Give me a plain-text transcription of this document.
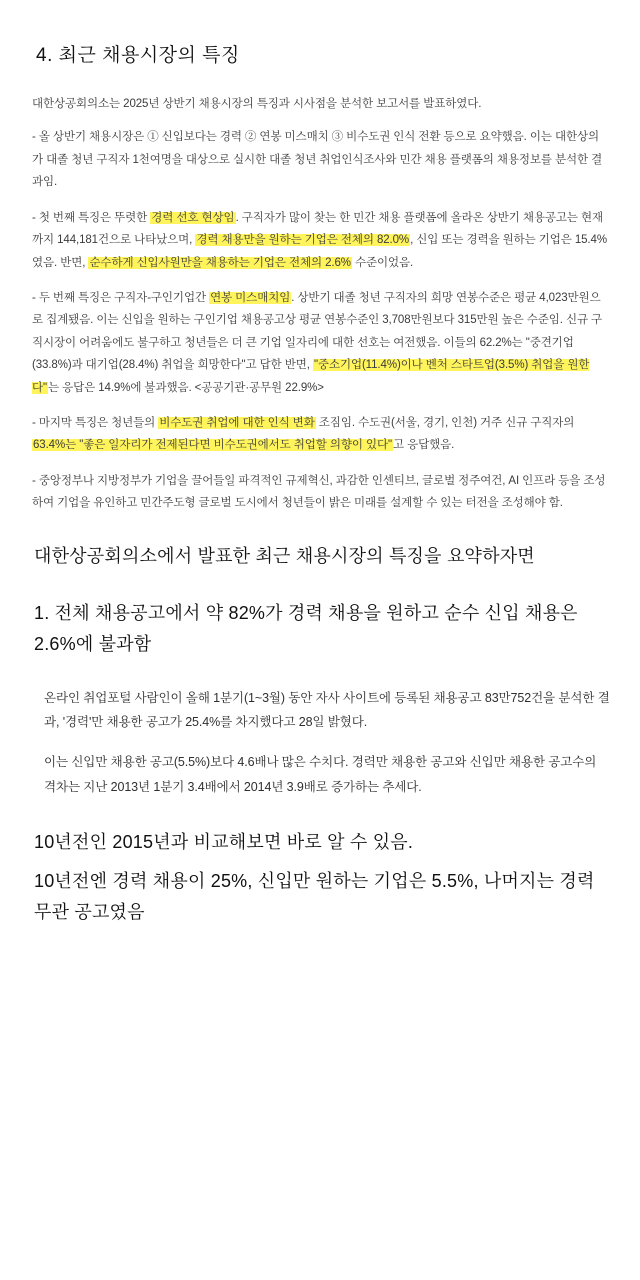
4. 최근 채용시장의 특징

대한상공회의소는 2025년 상반기 채용시장의 특징과 시사점을 분석한 보고서를 발표하였다.

- 올 상반기 채용시장은 ① 신입보다는 경력 ② 연봉 미스매치 ③ 비수도권 인식 전환 등으로 요약했음. 이는 대한상의가 대졸 청년 구직자 1천여명을 대상으로 실시한 대졸 청년 취업인식조사와 민간 채용 플랫폼의 채용정보를 분석한 결과임.

- 첫 번째 특징은 뚜렷한 경력 선호 현상임. 구직자가 많이 찾는 한 민간 채용 플랫폼에 올라온 상반기 채용공고는 현재까지 144,181건으로 나타났으며, 경력 채용만을 원하는 기업은 전체의 82.0%, 신입 또는 경력을 원하는 기업은 15.4%였음. 반면, 순수하게 신입사원만을 채용하는 기업은 전체의 2.6% 수준이었음.

- 두 번째 특징은 구직자-구인기업간 연봉 미스매치임. 상반기 대졸 청년 구직자의 희망 연봉수준은 평균 4,023만원으로 집계됐음. 이는 신입을 원하는 구인기업 채용공고상 평균 연봉수준인 3,708만원보다 315만원 높은 수준임. 신규 구직시장이 어려움에도 불구하고 청년들은 더 큰 기업 일자리에 대한 선호는 여전했음. 이들의 62.2%는 "중견기업(33.8%)과 대기업(28.4%) 취업을 희망한다"고 답한 반면, "중소기업(11.4%)이나 벤처 스타트업(3.5%) 취업을 원한다"는 응답은 14.9%에 불과했음. <공공기관·공무원 22.9%>

- 마지막 특징은 청년들의 비수도권 취업에 대한 인식 변화 조짐임. 수도권(서울, 경기, 인천) 거주 신규 구직자의 63.4%는 "좋은 일자리가 전제된다면 비수도권에서도 취업할 의향이 있다"고 응답했음.

- 중앙정부나 지방정부가 기업을 끌어들일 파격적인 규제혁신, 과감한 인센티브, 글로벌 정주여건, AI 인프라 등을 조성하여 기업을 유인하고 민간주도형 글로벌 도시에서 청년들이 밝은 미래를 설계할 수 있는 터전을 조성해야 함.

대한상공회의소에서 발표한 최근 채용시장의 특징을 요약하자면

1. 전체 채용공고에서 약 82%가 경력 채용을 원하고 순수 신입 채용은 2.6%에 불과함

온라인 취업포털 사람인이 올해 1분기(1~3월) 동안 자사 사이트에 등록된 채용공고 83만752건을 분석한 결과, '경력'만 채용한 공고가 25.4%를 차지했다고 28일 밝혔다.

이는 신입만 채용한 공고(5.5%)보다 4.6배나 많은 수치다. 경력만 채용한 공고와 신입만 채용한 공고수의 격차는 지난 2013년 1분기 3.4배에서 2014년 3.9배로 증가하는 추세다.

10년전인 2015년과 비교해보면 바로 알 수 있음.

10년전엔 경력 채용이 25%, 신입만 원하는 기업은 5.5%, 나머지는 경력 무관 공고였음
